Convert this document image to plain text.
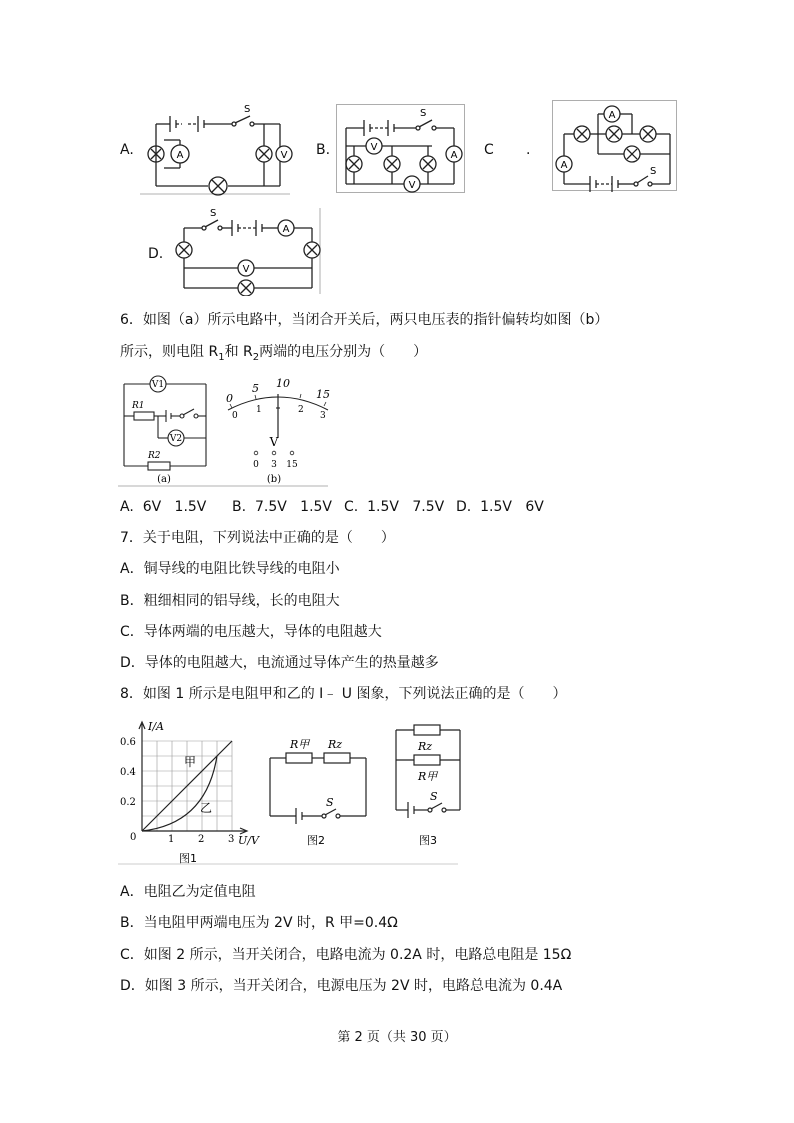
A.	B.	C .
D.
A	V
S
V
V
A
S	A
A
S
A
V
S
6．如图（a）所示电路中，当闭合开关后，两只电压表的指针偏转均如图（b）
所示，则电阻 $R_1$和 $R_2$两端的电压分别为（　　）
V1
V2
R1
R2
(a)
0
5 10
15
0
1	2
3
V
0 3 15
(b)
A. 6V 1.5V B. 7.5V 1.5V C. 1.5V 7.5V D. 1.5V 6V
7．关于电阻，下列说法中正确的是（　　）
A．铜导线的电阻比铁导线的电阻小
B．粗细相同的铝导线，长的电阻大
C．导体两端的电压越大，导体的电阻越大
D．导体的电阻越大，电流通过导体产生的热量越多
8．如图 1 所示是电阻甲和乙的 I﹣ U 图象，下列说法正确的是（　　）
I/A
U/V
0.6
0.4
0.2
0	1 2 3
甲
乙
图1
R甲 Rz
S
图2
Rz
R甲
S
图3
A．电阻乙为定值电阻
B．当电阻甲两端电压为 2V 时，R 甲=0.4Ω
C．如图 2 所示，当开关闭合，电路电流为 0.2A 时，电路总电阻是 15Ω
D．如图 3 所示，当开关闭合，电源电压为 2V 时，电路总电流为 0.4A
第 2 页（共 30 页）
